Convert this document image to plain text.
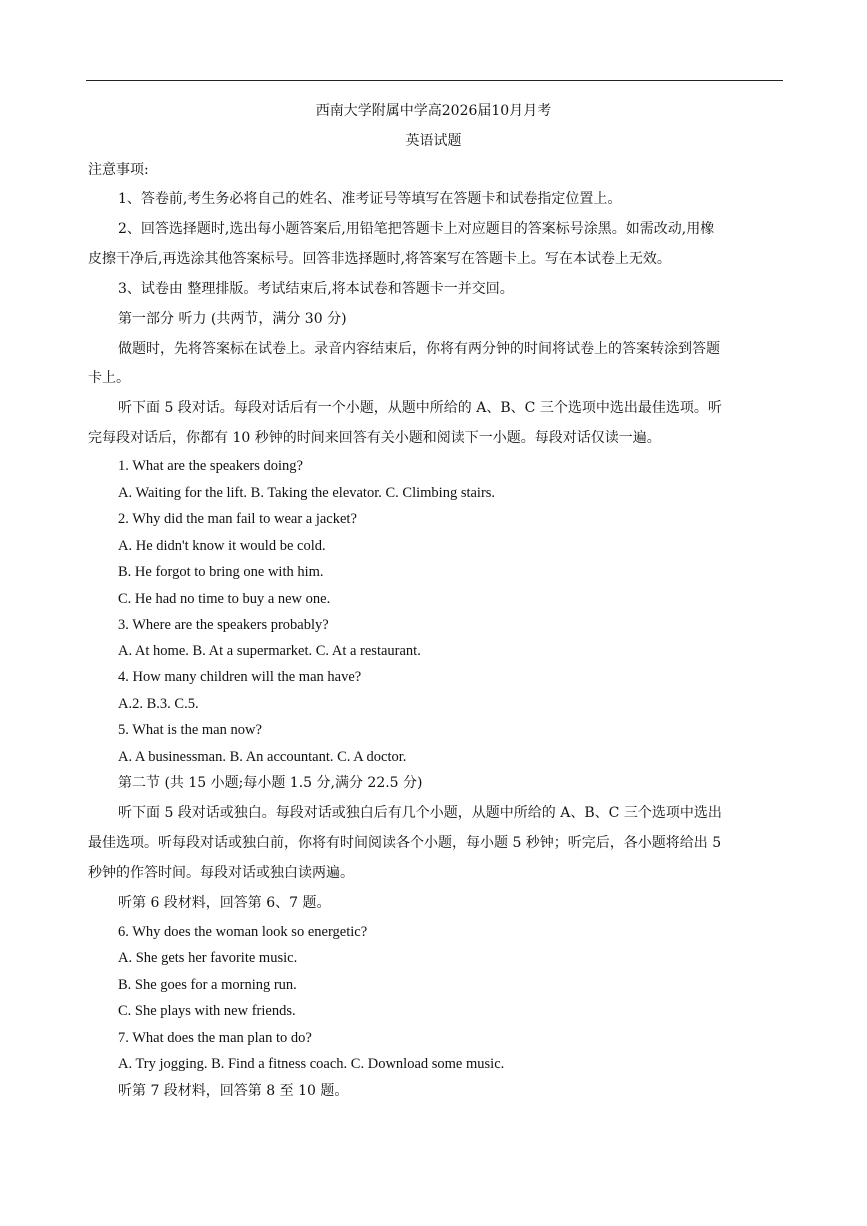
西南大学附属中学高2026届10月月考
英语试题
注意事项:
1、答卷前,考生务必将自己的姓名、准考证号等填写在答题卡和试卷指定位置上。
2、回答选择题时,选出每小题答案后,用铅笔把答题卡上对应题目的答案标号涂黑。如需改动,用橡
皮擦干净后,再选涂其他答案标号。回答非选择题时,将答案写在答题卡上。写在本试卷上无效。
3、试卷由 整理排版。考试结束后,将本试卷和答题卡一并交回。
第一部分 听力 (共两节，满分 30 分)
做题时，先将答案标在试卷上。录音内容结束后，你将有两分钟的时间将试卷上的答案转涂到答题
卡上。
听下面 5 段对话。每段对话后有一个小题，从题中所给的 A、B、C 三个选项中选出最佳选项。听
完每段对话后，你都有 10 秒钟的时间来回答有关小题和阅读下一小题。每段对话仅读一遍。
1. What are the speakers doing?
A. Waiting for the lift. B. Taking the elevator. C. Climbing stairs.
2. Why did the man fail to wear a jacket?
A. He didn't know it would be cold.
B. He forgot to bring one with him.
C. He had no time to buy a new one.
3. Where are the speakers probably?
A. At home. B. At a supermarket. C. At a restaurant.
4. How many children will the man have?
A.2. B.3. C.5.
5. What is the man now?
A. A businessman. B. An accountant. C. A doctor.
第二节 (共 15 小题;每小题 1.5 分,满分 22.5 分)
听下面 5 段对话或独白。每段对话或独白后有几个小题，从题中所给的 A、B、C 三个选项中选出
最佳选项。听每段对话或独白前，你将有时间阅读各个小题，每小题 5 秒钟；听完后，各小题将给出 5
秒钟的作答时间。每段对话或独白读两遍。
听第 6 段材料，回答第 6、7 题。
6. Why does the woman look so energetic?
A. She gets her favorite music.
B. She goes for a morning run.
C. She plays with new friends.
7. What does the man plan to do?
A. Try jogging. B. Find a fitness coach. C. Download some music.
听第 7 段材料，回答第 8 至 10 题。
